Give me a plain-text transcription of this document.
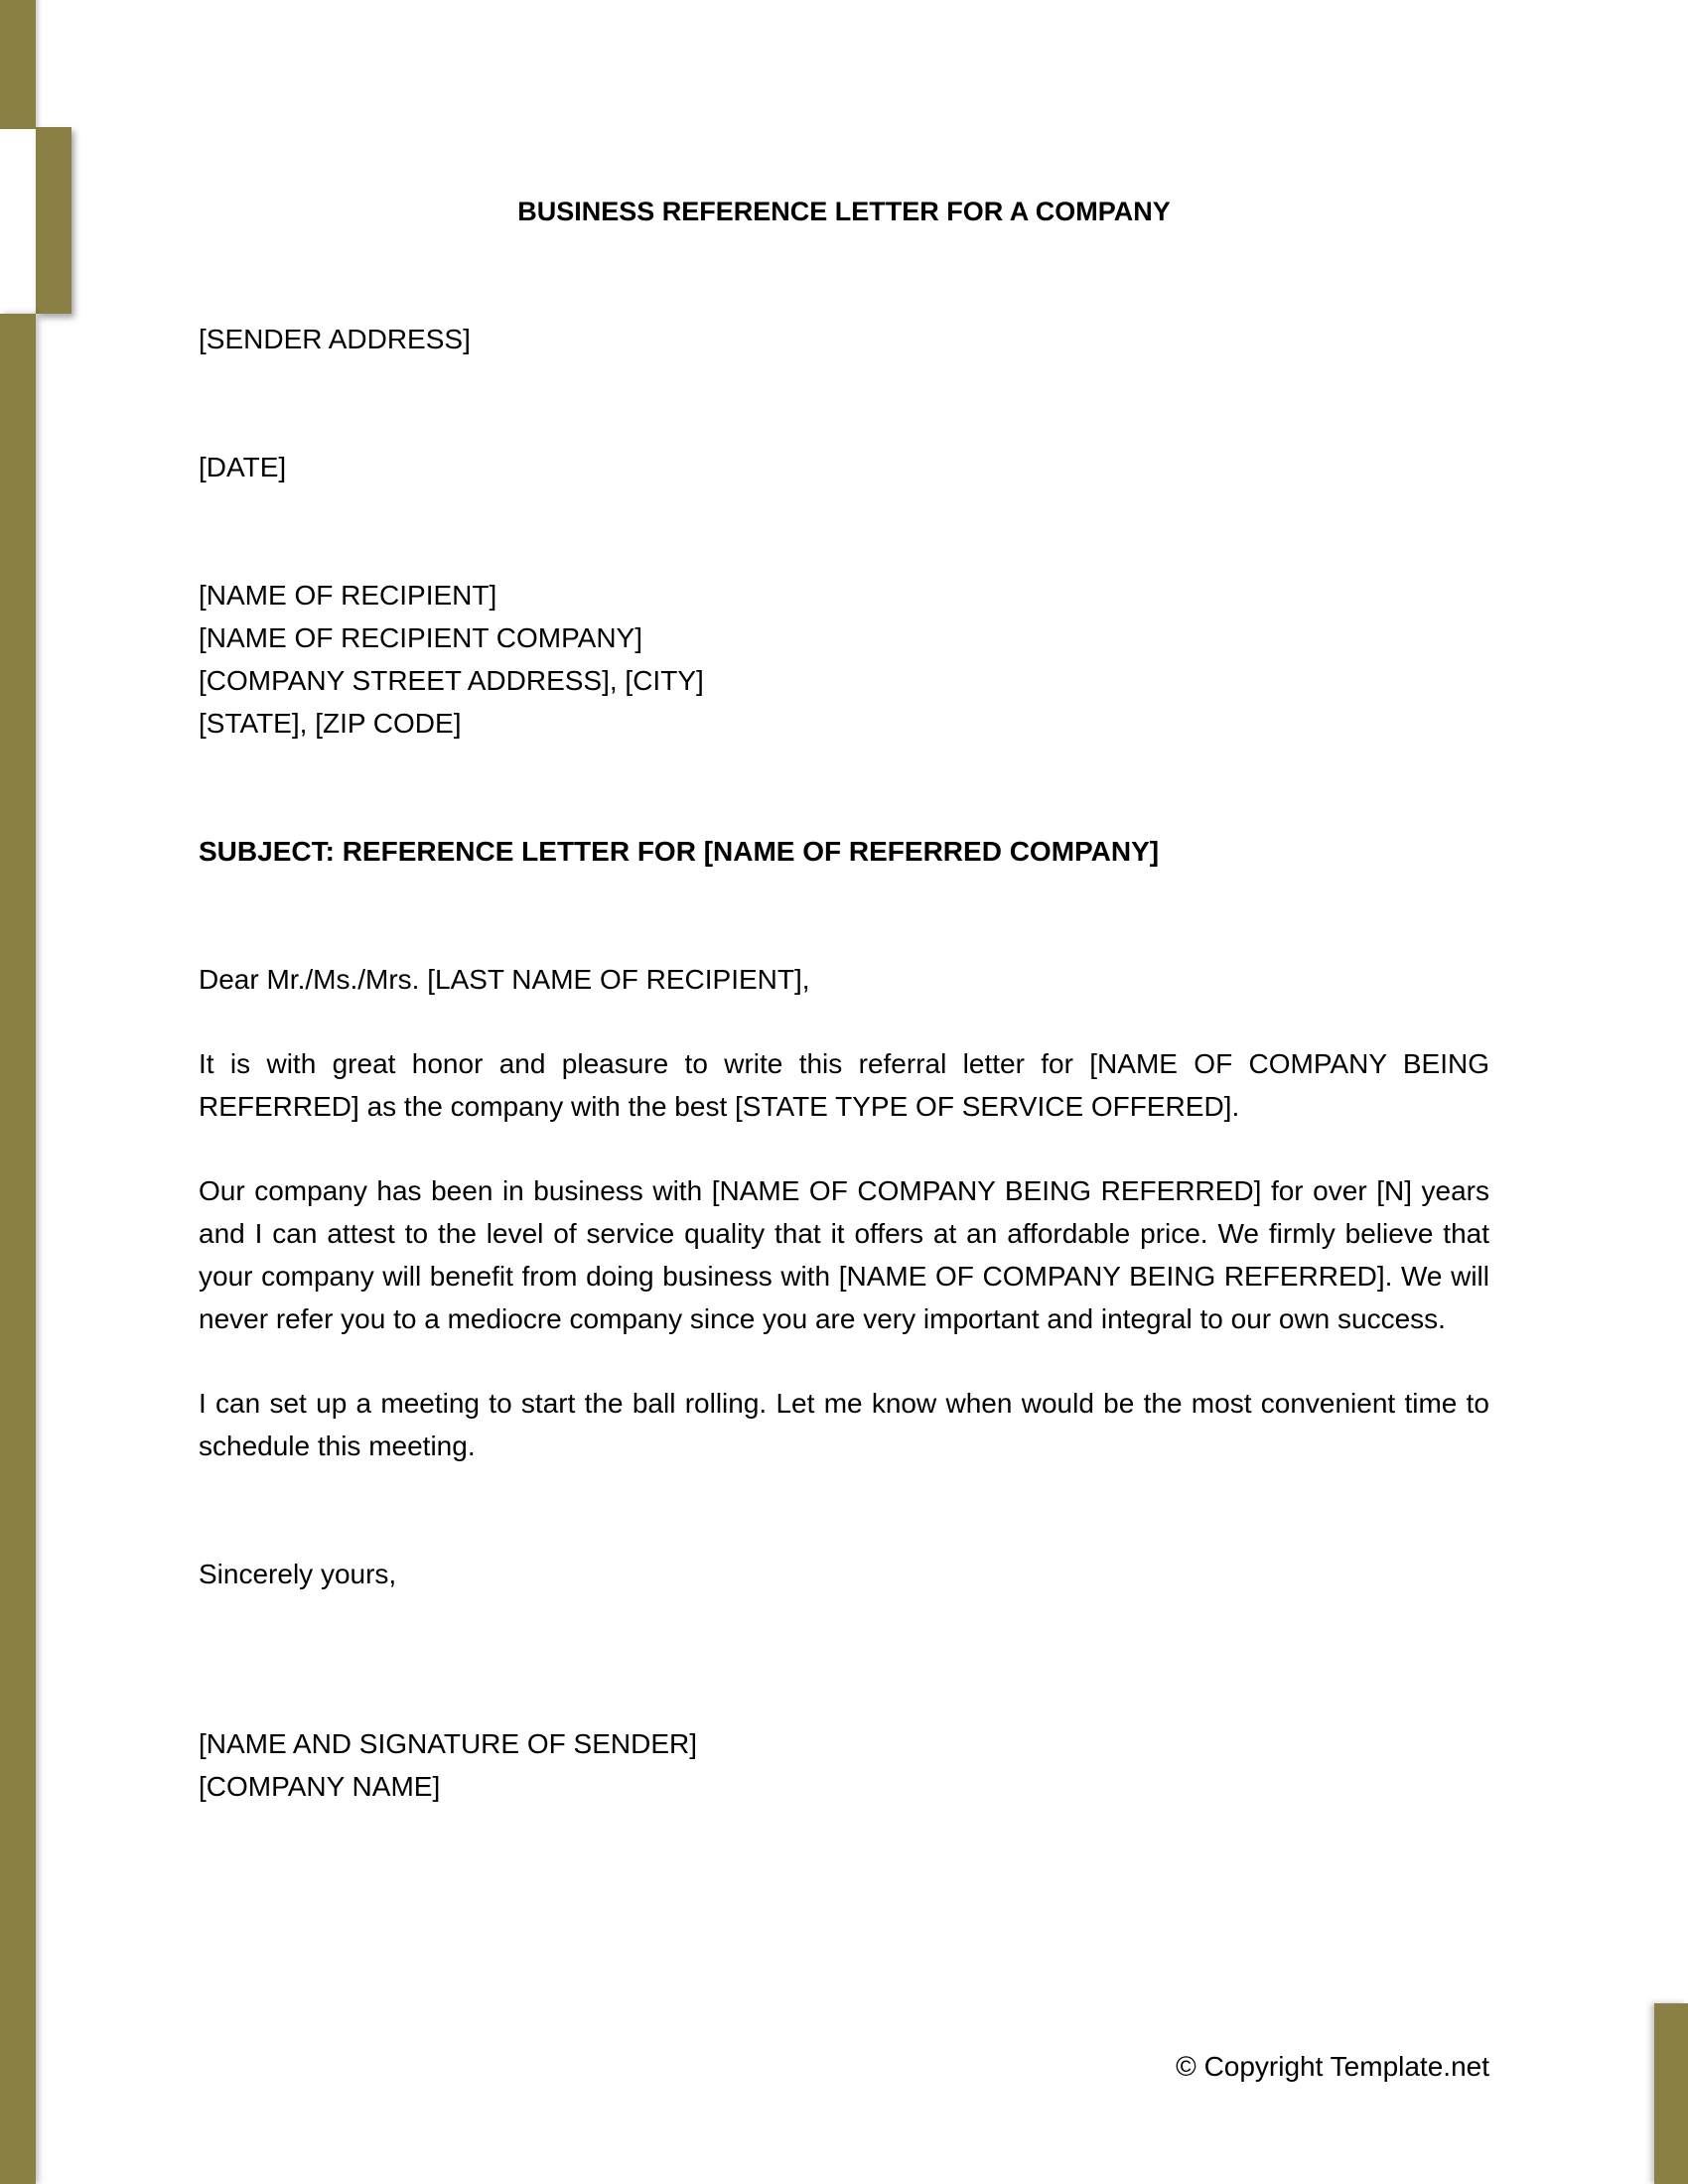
BUSINESS REFERENCE LETTER FOR A COMPANY

[SENDER ADDRESS]

[DATE]

[NAME OF RECIPIENT]

[NAME OF RECIPIENT COMPANY]

[COMPANY STREET ADDRESS], [CITY]

[STATE], [ZIP CODE]

SUBJECT: REFERENCE LETTER FOR [NAME OF REFERRED COMPANY]

Dear Mr./Ms./Mrs. [LAST NAME OF RECIPIENT],

It is with great honor and pleasure to write this referral letter for [NAME OF COMPANY BEING REFERRED] as the company with the best [STATE TYPE OF SERVICE OFFERED].

Our company has been in business with [NAME OF COMPANY BEING REFERRED] for over [N] years and I can attest to the level of service quality that it offers at an affordable price. We firmly believe that your company will benefit from doing business with [NAME OF COMPANY BEING REFERRED]. We will never refer you to a mediocre company since you are very important and integral to our own success.

I can set up a meeting to start the ball rolling. Let me know when would be the most convenient time to schedule this meeting.

Sincerely yours,

[NAME AND SIGNATURE OF SENDER]

[COMPANY NAME]

© Copyright Template.net
